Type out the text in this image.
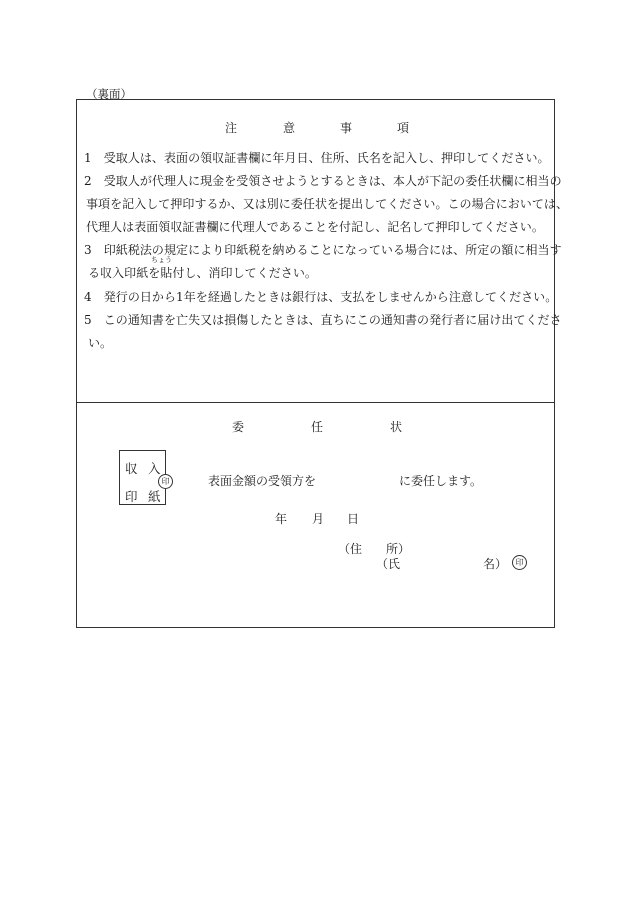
（裏面）
注	意	事	項
1　受取人は、表面の領収証書欄に年月日、住所、氏名を記入し、押印してください。
2　受取人が代理人に現金を受領させようとするときは、本人が下記の委任状欄に相当の
事項を記入して押印するか、又は別に委任状を提出してください。この場合においては、
代理人は表面領収証書欄に代理人であることを付記し、記名して押印してください。
3　印紙税法の規定により印紙税を納めることになっている場合には、所定の額に相当す
ちょう
る収入印紙を貼付し、消印してください。
4　発行の日から1年を経過したときは銀行は、支払をしませんから注意してください。
5　この通知書を亡失又は損傷したときは、直ちにこの通知書の発行者に届け出てくださ
い。
委	任	状
収 入
印 紙
印	表面金額の受領方を	に委任します。
年 月 日
（住　　所）
（氏	名）	印
